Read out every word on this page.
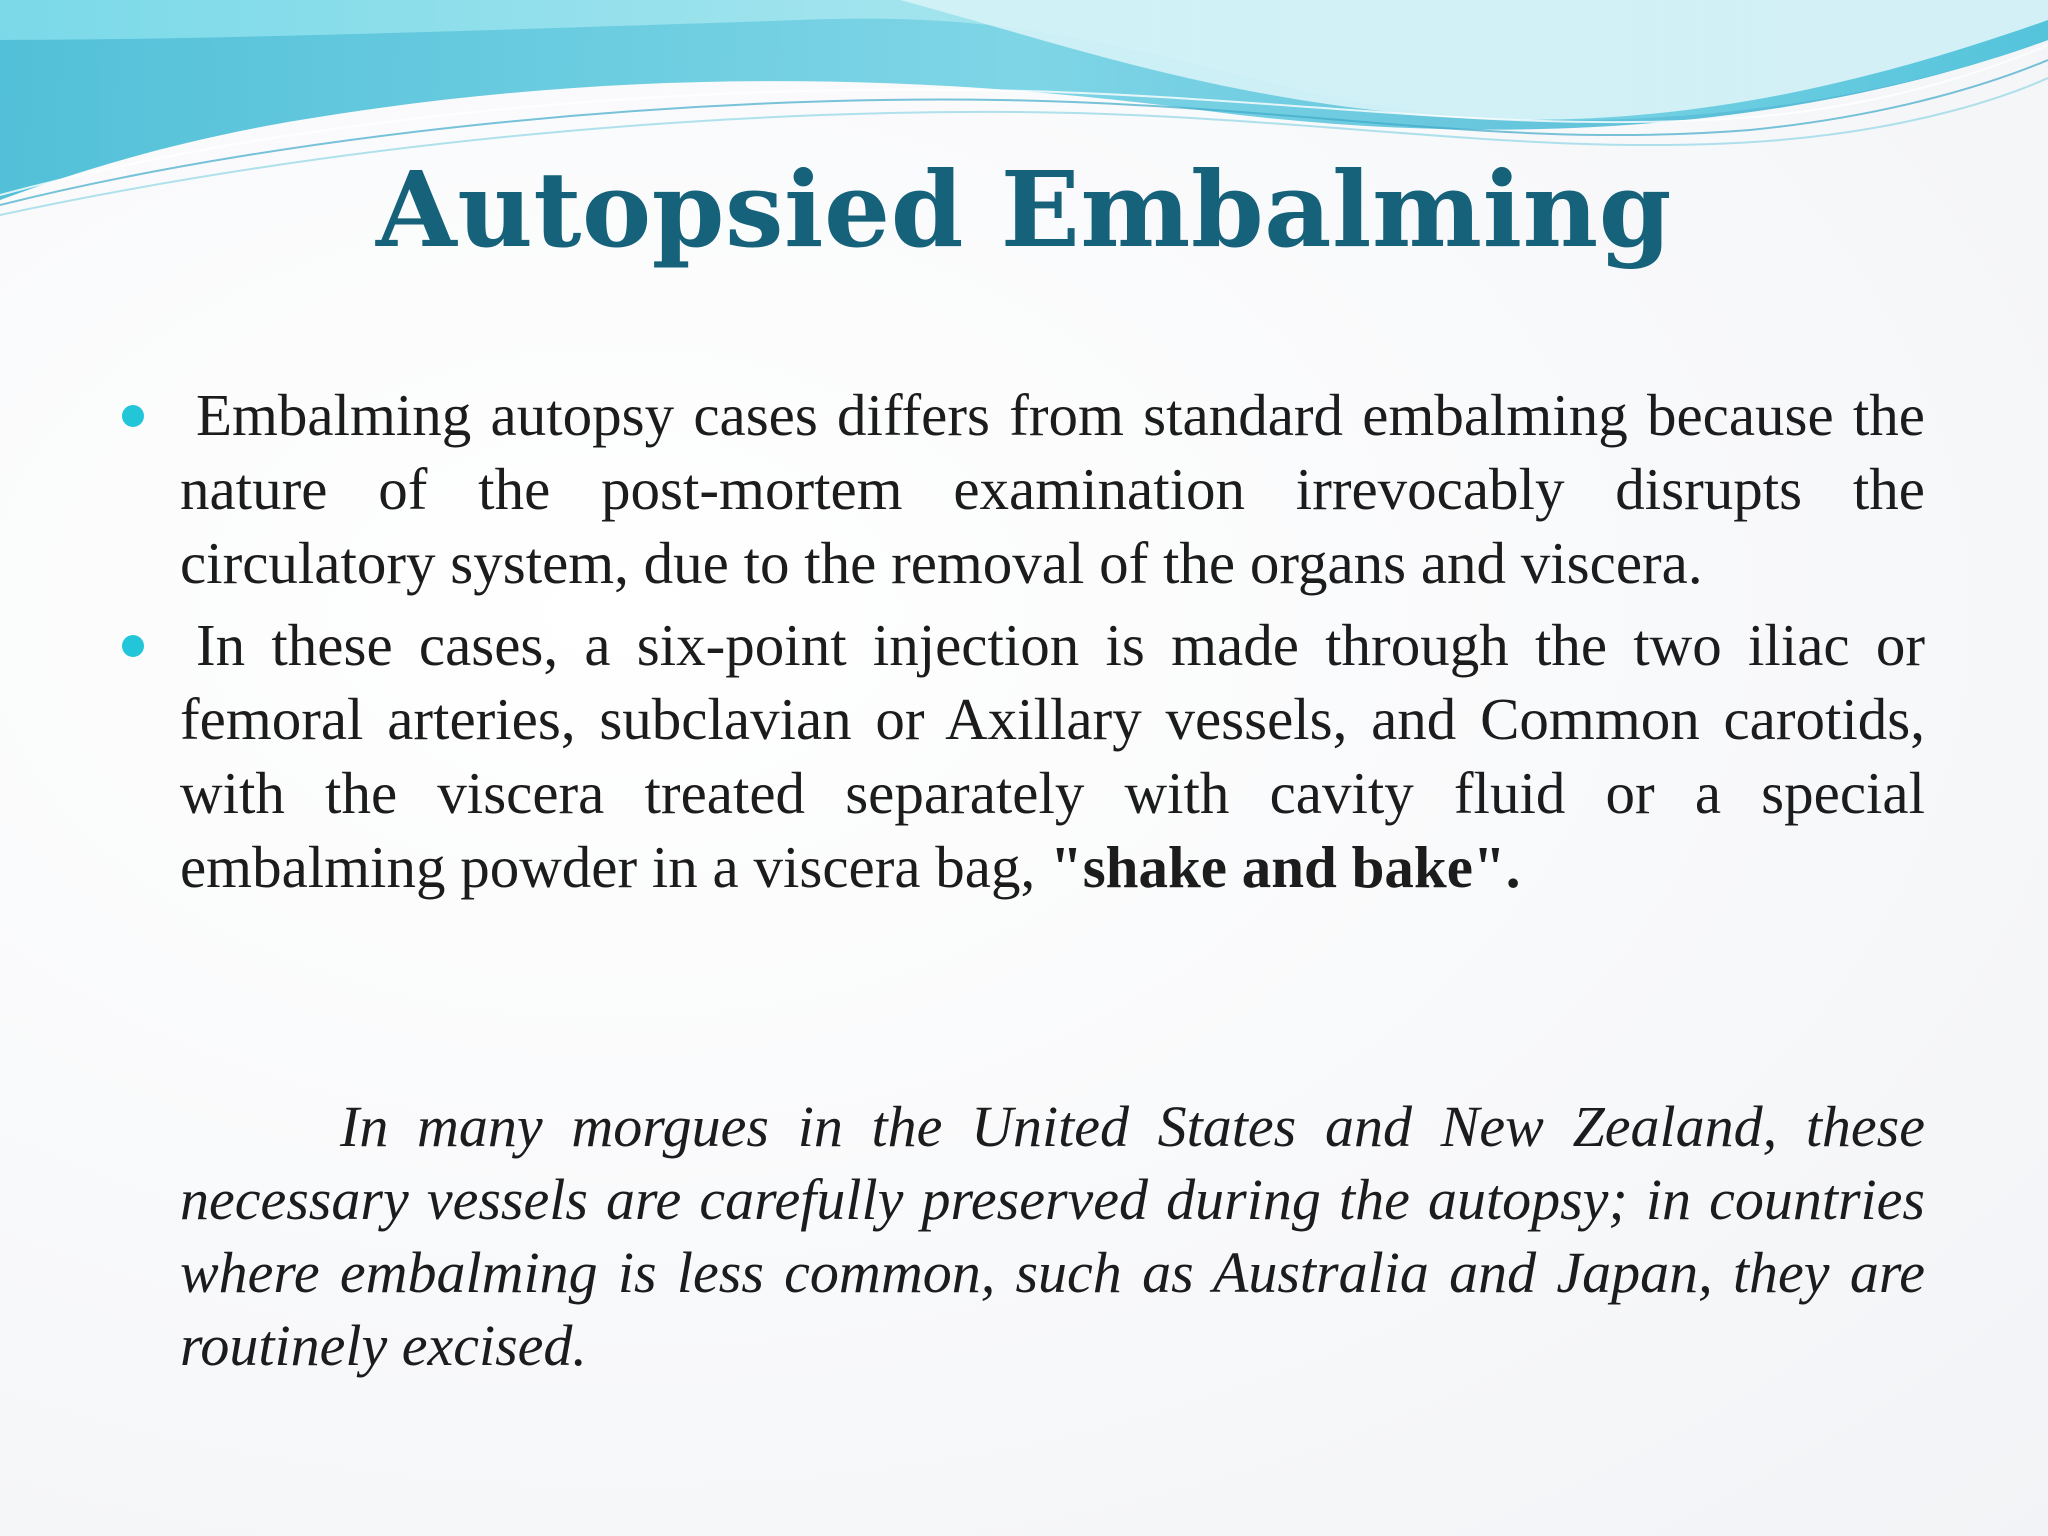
Autopsied Embalming
Embalming autopsy cases differs from standard embalming because the nature of the post-mortem examination irrevocably disrupts the circulatory system, due to the removal of the organs and viscera.
In these cases, a six-point injection is made through the two iliac or femoral arteries, subclavian or Axillary vessels, and Common carotids, with the viscera treated separately with cavity fluid or a special embalming powder in a viscera bag, "shake and bake".

In many morgues in the United States and New Zealand, these necessary vessels are carefully preserved during the autopsy; in countries where embalming is less common, such as Australia and Japan, they are routinely excised.
